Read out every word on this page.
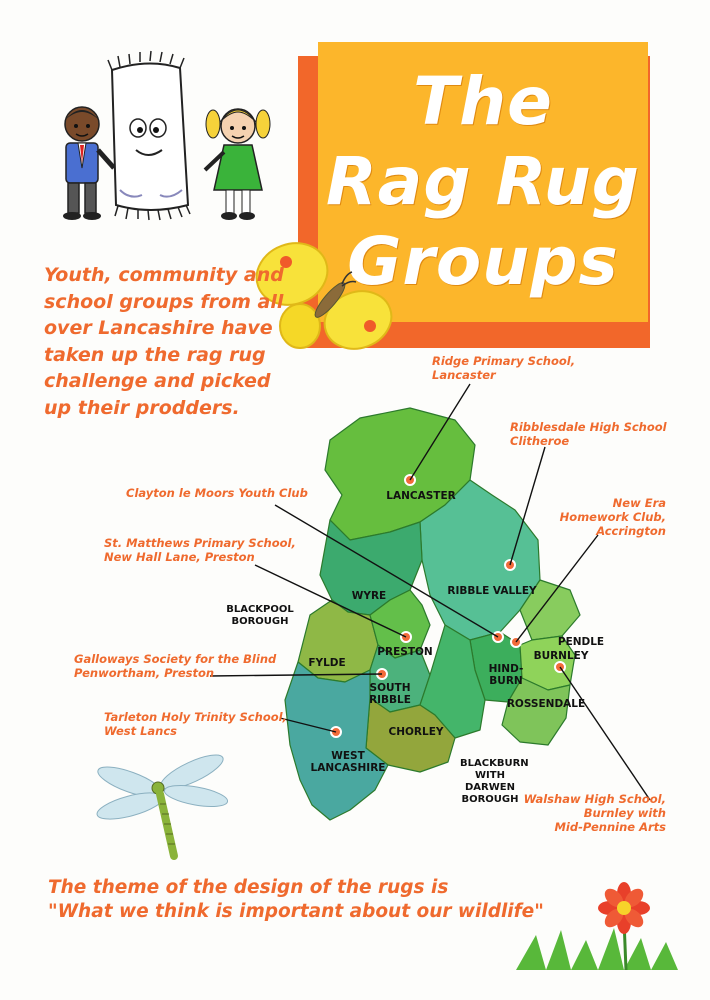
The
Rag Rug
Groups
Youth, community and school groups from all over Lancashire have taken up the rag rug challenge and picked up their prodders.
LANCASTER
RIBBLE VALLEY
PENDLE
WYRE
PRESTON
FYLDE
SOUTH RIBBLE
HIND-BURN
BURNLEY
ROSSENDALE
CHORLEY
WEST LANCASHIRE
BLACKPOOL BOROUGH
BLACKBURN WITH DARWEN BOROUGH
Ridge Primary School,
Lancaster
Ribblesdale High School
Clitheroe
Clayton le Moors Youth Club
New Era
Homework Club,
Accrington
St. Matthews Primary School,
New Hall Lane, Preston
Galloways Society for the Blind
Penwortham, Preston
Tarleton Holy Trinity School,
West Lancs
Walshaw High School,
Burnley with
Mid-Pennine Arts
The theme of the design of the rugs is
"What we think is important about our wildlife"
